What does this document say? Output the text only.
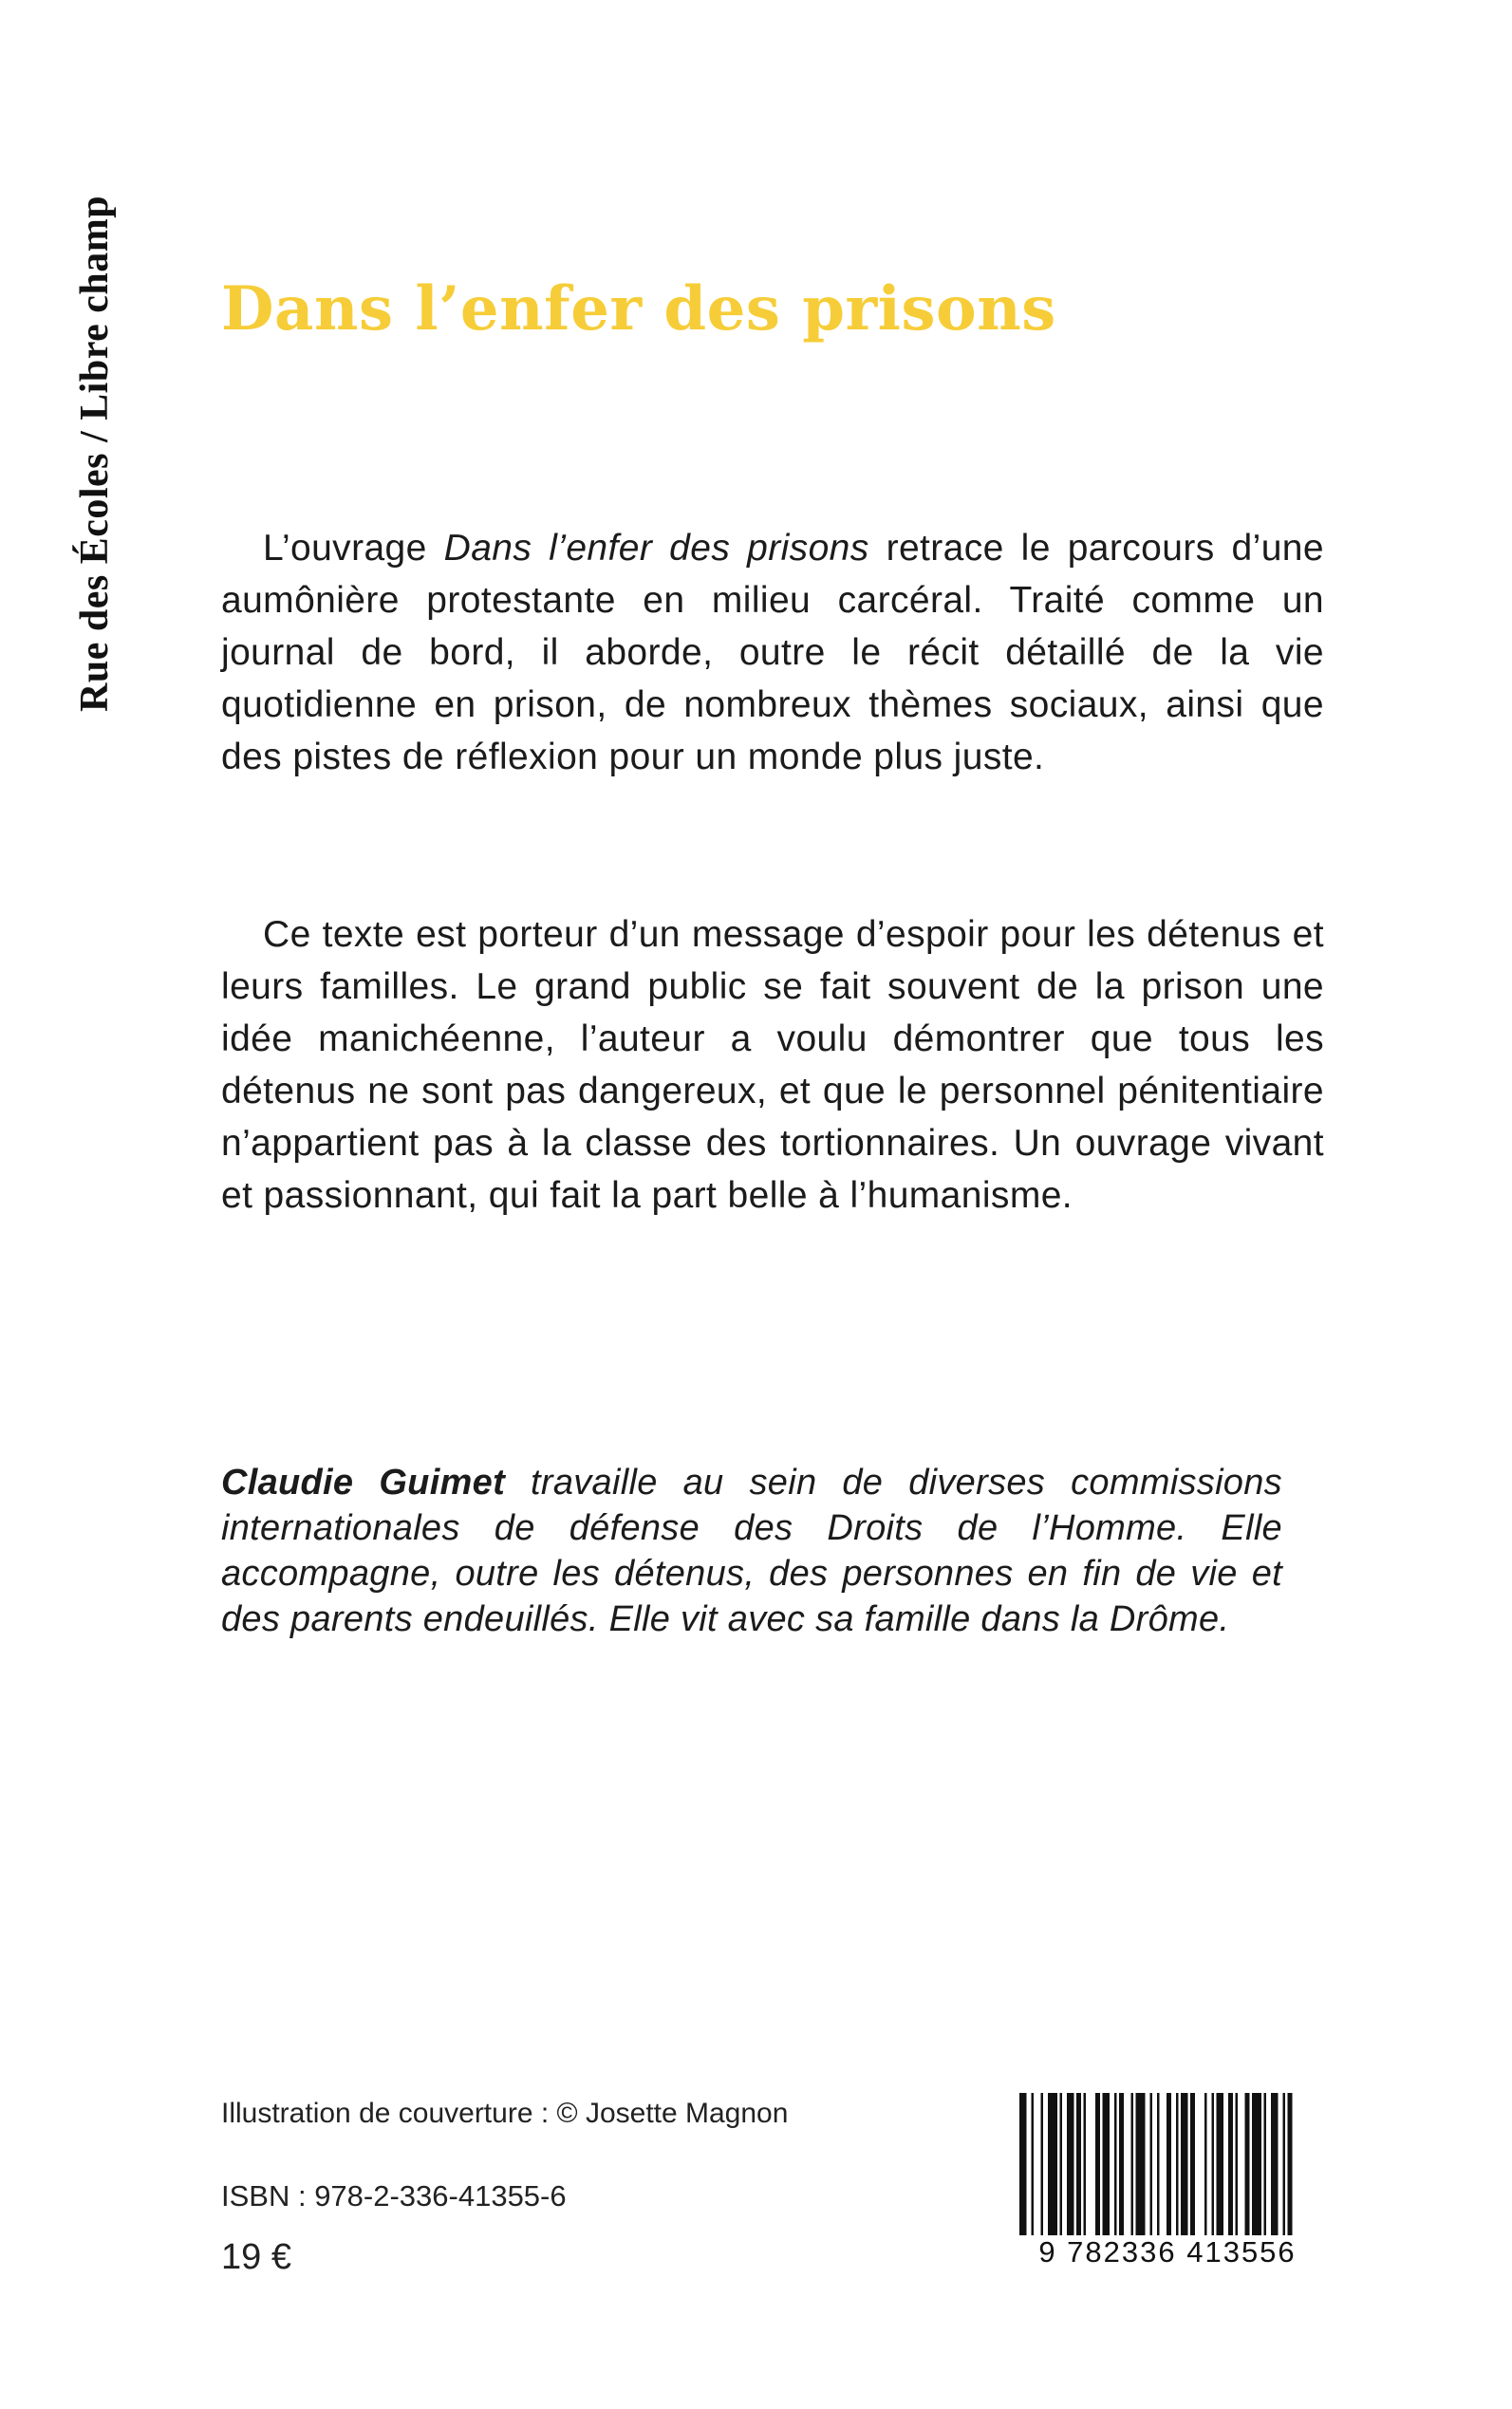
Rue des Écoles / Libre champ Dans l’enfer des prisons

L’ouvrage Dans l’enfer des prisons retrace le parcours d’une aumônière protestante en milieu carcéral. Traité comme un journal de bord, il aborde, outre le récit détaillé de la vie quotidienne en prison, de nombreux thèmes sociaux, ainsi que des pistes de réflexion pour un monde plus juste.

Ce texte est porteur d’un message d’espoir pour les détenus et leurs familles. Le grand public se fait souvent de la prison une idée manichéenne, l’auteur a voulu démontrer que tous les détenus ne sont pas dangereux, et que le personnel pénitentiaire n’appartient pas à la classe des tortionnaires. Un ouvrage vivant et passionnant, qui fait la part belle à l’humanisme.

Claudie Guimet travaille au sein de diverses commissions internationales de défense des Droits de l’Homme. Elle accompagne, outre les détenus, des personnes en fin de vie et des parents endeuillés. Elle vit avec sa famille dans la Drôme.

Illustration de couverture : © Josette Magnon

ISBN : 978-2-336-41355-6

19 €	9 782336 413556
